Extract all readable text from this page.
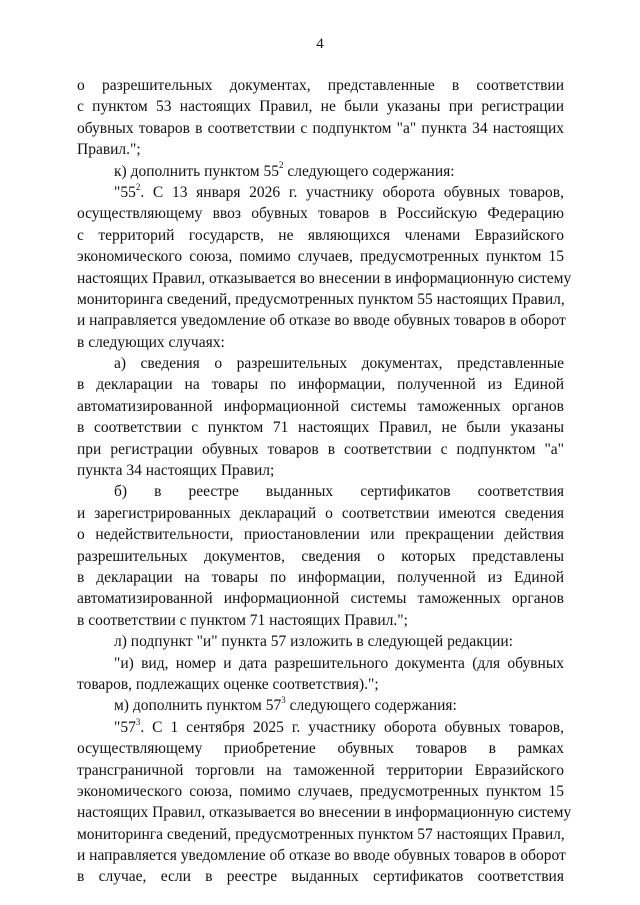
4
о разрешительных документах, представленные в соответствии
с пунктом 53 настоящих Правил, не были указаны при регистрации
обувных товаров в соответствии с подпунктом "а" пункта 34 настоящих
Правил.";
к) дополнить пунктом $55^2$ следующего содержания:
"$55^2$. С 13 января 2026 г. участнику оборота обувных товаров,
осуществляющему ввоз обувных товаров в Российскую Федерацию
с территорий государств, не являющихся членами Евразийского
экономического союза, помимо случаев, предусмотренных пунктом 15
настоящих Правил, отказывается во внесении в информационную систему
мониторинга сведений, предусмотренных пунктом 55 настоящих Правил,
и направляется уведомление об отказе во вводе обувных товаров в оборот
в следующих случаях:
а) сведения о разрешительных документах, представленные
в декларации на товары по информации, полученной из Единой
автоматизированной информационной системы таможенных органов
в соответствии с пунктом 71 настоящих Правил, не были указаны
при регистрации обувных товаров в соответствии с подпунктом "а"
пункта 34 настоящих Правил;
б) в реестре выданных сертификатов соответствия
и зарегистрированных деклараций о соответствии имеются сведения
о недействительности, приостановлении или прекращении действия
разрешительных документов, сведения о которых представлены
в декларации на товары по информации, полученной из Единой
автоматизированной информационной системы таможенных органов
в соответствии с пунктом 71 настоящих Правил.";
л) подпункт "и" пункта 57 изложить в следующей редакции:
"и) вид, номер и дата разрешительного документа (для обувных
товаров, подлежащих оценке соответствия).";
м) дополнить пунктом $57^3$ следующего содержания:
"$57^3$. С 1 сентября 2025 г. участнику оборота обувных товаров,
осуществляющему приобретение обувных товаров в рамках
трансграничной торговли на таможенной территории Евразийского
экономического союза, помимо случаев, предусмотренных пунктом 15
настоящих Правил, отказывается во внесении в информационную систему
мониторинга сведений, предусмотренных пунктом 57 настоящих Правил,
и направляется уведомление об отказе во вводе обувных товаров в оборот
в случае, если в реестре выданных сертификатов соответствия
